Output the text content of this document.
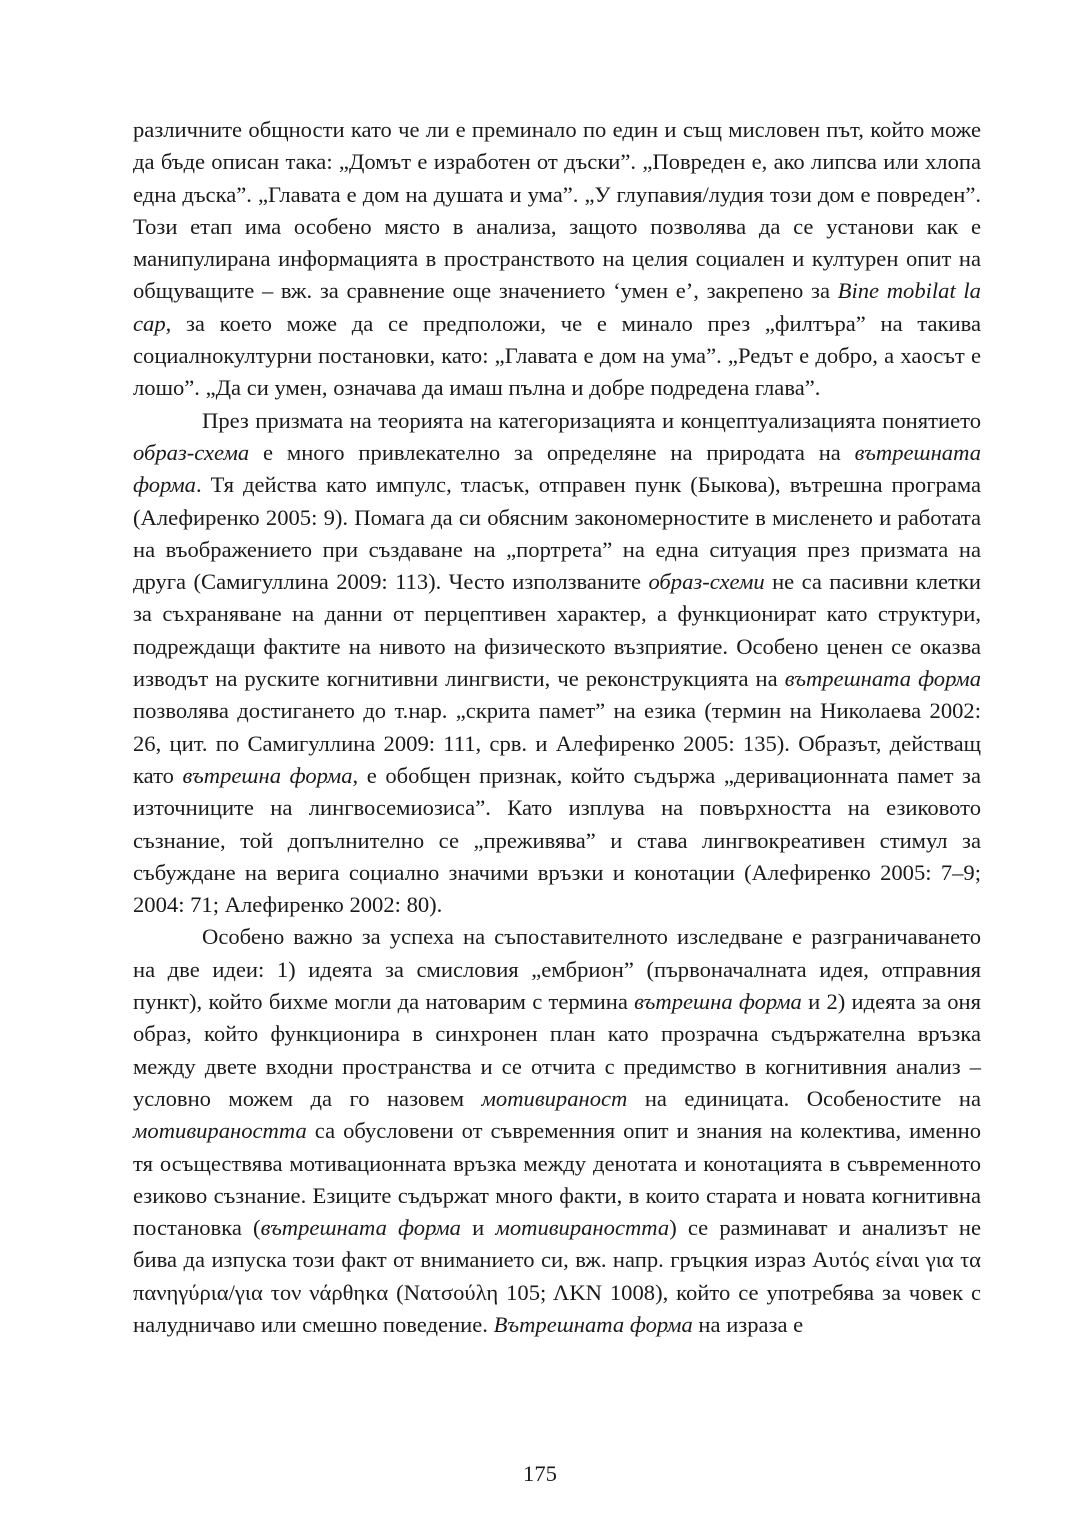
различните общности като че ли е преминало по един и същ мисловен път, който може да бъде описан така: „Домът е изработен от дъски”. „Повреден е, ако липсва или хлопа една дъска”. „Главата е дом на душата и ума”. „У глупавия/лудия този дом е повреден”. Този етап има особено място в анализа, защото позволява да се установи как е манипулирана информацията в пространството на целия социален и културен опит на общуващите – вж. за сравнение още значението ‘умен е’, закрепено за Bine mobilat la cap, за което може да се предположи, че е минало през „филтъра” на такива социалнокултурни постановки, като: „Главата е дом на ума”. „Редът е добро, а хаосът е лошо”. „Да си умен, означава да имаш пълна и добре подредена глава”.

През призмата на теорията на категоризацията и концептуализацията понятието образ-схема е много привлекателно за определяне на природата на вътрешната форма. Тя действа като импулс, тласък, отправен пунк (Быкова), вътрешна програма (Алефиренко 2005: 9). Помага да си обясним закономерностите в мисленето и работата на въображението при създаване на „портрета” на една ситуация през призмата на друга (Самигуллина 2009: 113). Често използваните образ-схеми не са пасивни клетки за съхраняване на данни от перцептивен характер, а функционират като структури, подреждащи фактите на нивото на физическото възприятие. Особено ценен се оказва изводът на руските когнитивни лингвисти, че реконструкцията на вътрешната форма позволява достигането до т.нар. „скрита памет” на езика (термин на Николаева 2002: 26, цит. по Самигуллина 2009: 111, срв. и Алефиренко 2005: 135). Образът, действащ като вътрешна форма, е обобщен признак, който съдържа „деривационната памет за източниците на лингвосемиозиса”. Като изплува на повърхността на езиковото съзнание, той допълнително се „преживява” и става лингвокреативен стимул за събуждане на верига социално значими връзки и конотации (Алефиренко 2005: 7–9; 2004: 71; Алефиренко 2002: 80).

Особено важно за успеха на съпоставителното изследване е разграничаването на две идеи: 1) идеята за смисловия „ембрион” (първоначалната идея, отправния пункт), който бихме могли да натоварим с термина вътрешна форма и 2) идеята за оня образ, който функционира в синхронен план като прозрачна съдържателна връзка между двете входни пространства и се отчита с предимство в когнитивния анализ – условно можем да го назовем мотивираност на единицата. Особеностите на мотивираността са обусловени от съвременния опит и знания на колектива, именно тя осъществява мотивационната връзка между денотата и конотацията в съвременното езиково съзнание. Езиците съдържат много факти, в които старата и новата когнитивна постановка (вътрешната форма и мотивираността) се разминават и анализът не бива да изпуска този факт от вниманието си, вж. напр. гръцкия израз Αυτός είναι για τα πανηγύρια/για τον νάρθηκα (Νατσούλη 105; ΛΚΝ 1008), който се употребява за човек с налудничаво или смешно поведение. Вътрешната форма на израза е

175
